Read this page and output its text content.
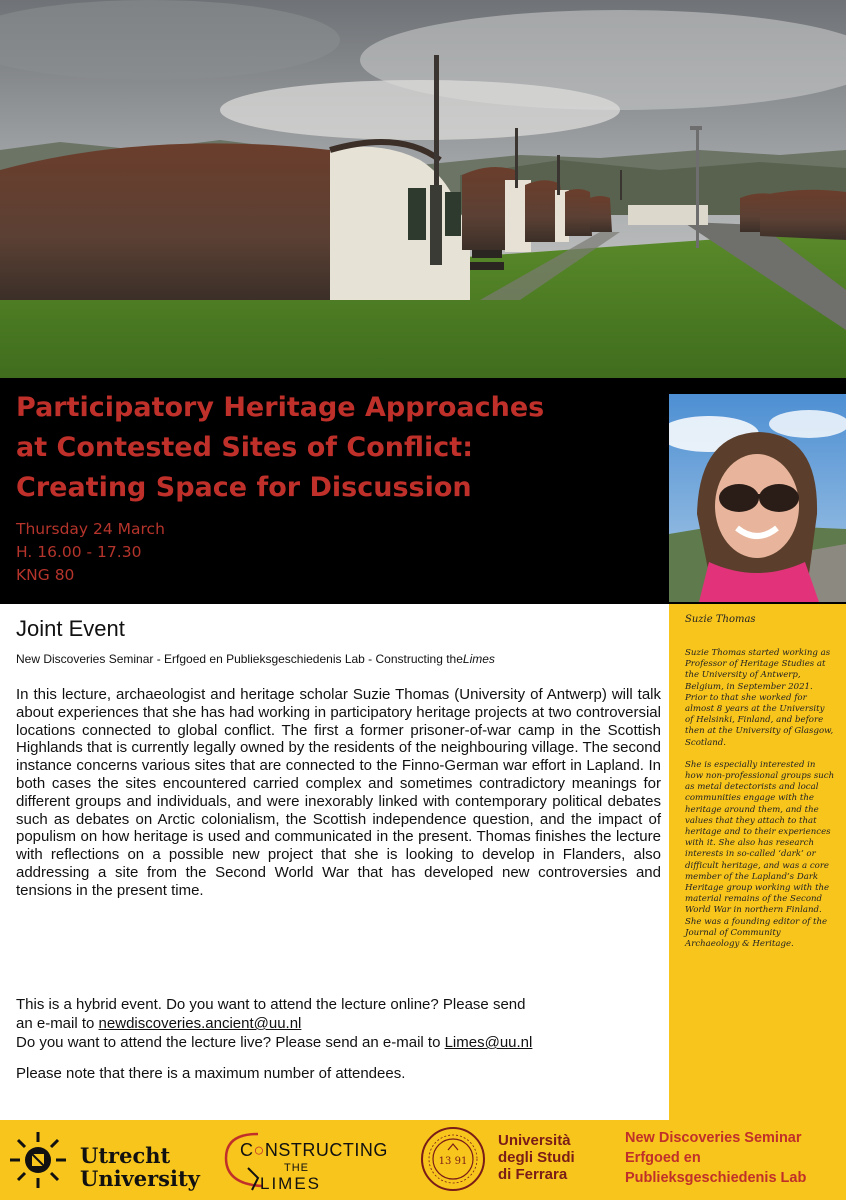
Participatory Heritage Approaches
at Contested Sites of Conflict:
Creating Space for Discussion
Thursday 24 March
H. 16.00 - 17.30
KNG 80
Joint Event
New Discoveries Seminar - Erfgoed en Publieksgeschiedenis Lab - Constructing theLimes
In this lecture, archaeologist and heritage scholar Suzie Thomas (University of Antwerp) will talk about experiences that she has had working in participatory heritage projects at two controversial locations connected to global conflict. The first a former prisoner-of-war camp in the Scottish Highlands that is currently legally owned by the residents of the neighbouring village. The second instance concerns various sites that are connected to the Finno-German war effort in Lapland. In both cases the sites encountered carried complex and sometimes contradictory meanings for different groups and individuals, and were inexorably linked with contemporary political debates such as debates on Arctic colonialism, the Scottish independence question, and the impact of populism on how heritage is used and communicated in the present. Thomas finishes the lecture with reflections on a possible new project that she is looking to develop in Flanders, also addressing a site from the Second World War that has developed new controversies and tensions in the present time.
This is a hybrid event. Do you want to attend the lecture online? Please send
an e-mail to newdiscoveries.ancient@uu.nl
Do you want to attend the lecture live? Please send an e-mail to Limes@uu.nl
Please note that there is a maximum number of attendees.
Suzie Thomas

Suzie Thomas started working as Professor of Heritage Studies at the University of Antwerp, Belgium, in September 2021. Prior to that she worked for almost 8 years at the University of Helsinki, Finland, and before then at the University of Glasgow, Scotland.

She is especially interested in how non-professional groups such as metal detectorists and local communities engage with the heritage around them, and the values that they attach to that heritage and to their experiences with it. She also has research interests in so-called ‘dark’ or difficult heritage, and was a core member of the Lapland’s Dark Heritage group working with the material remains of the Second World War in northern Finland. She was a founding editor of the Journal of Community Archaeology & Heritage.

Utrecht
University
C○NSTRUCTING
THE
LIMES
13 91
Università
degli Studi
di Ferrara
New Discoveries Seminar
Erfgoed en
Publieksgeschiedenis Lab
